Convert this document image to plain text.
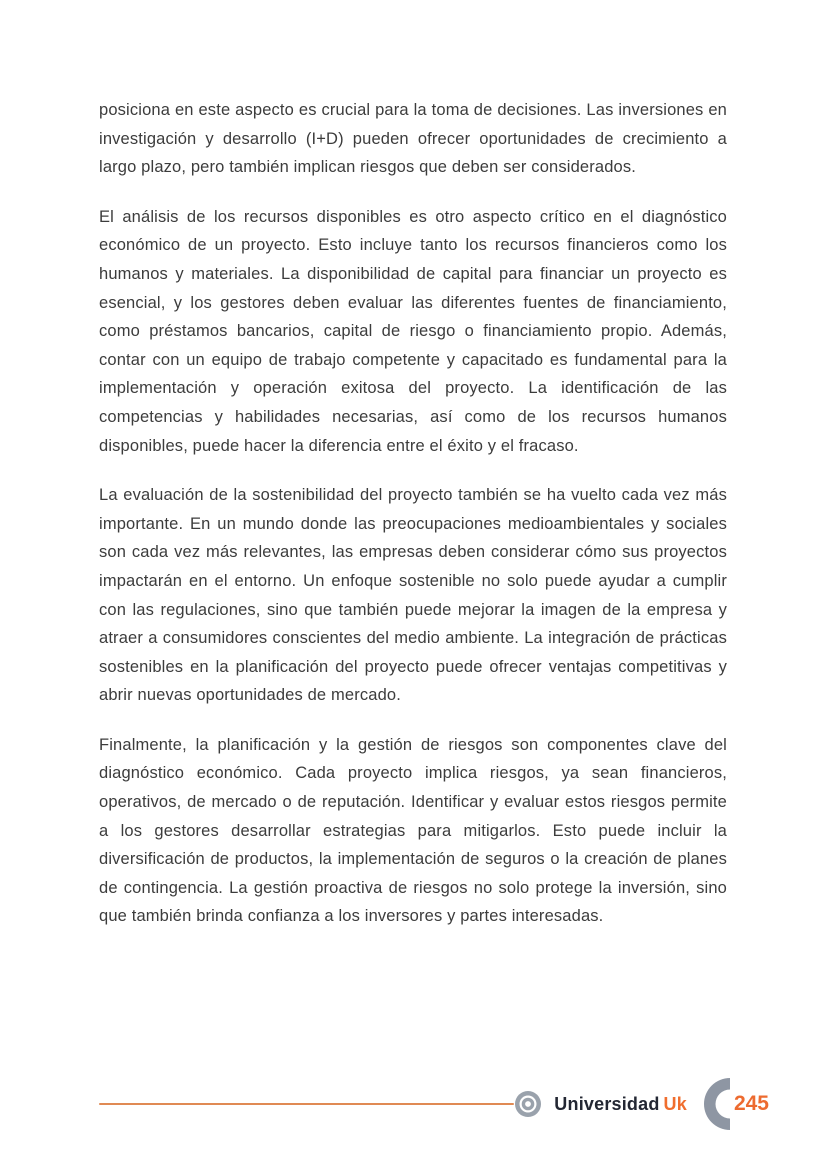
posiciona en este aspecto es crucial para la toma de decisiones. Las inversiones en investigación y desarrollo (I+D) pueden ofrecer oportunidades de crecimiento a largo plazo, pero también implican riesgos que deben ser considerados.

El análisis de los recursos disponibles es otro aspecto crítico en el diagnóstico económico de un proyecto. Esto incluye tanto los recursos financieros como los humanos y materiales. La disponibilidad de capital para financiar un proyecto es esencial, y los gestores deben evaluar las diferentes fuentes de financiamiento, como préstamos bancarios, capital de riesgo o financiamiento propio. Además, contar con un equipo de trabajo competente y capacitado es fundamental para la implementación y operación exitosa del proyecto. La identificación de las competencias y habilidades necesarias, así como de los recursos humanos disponibles, puede hacer la diferencia entre el éxito y el fracaso.

La evaluación de la sostenibilidad del proyecto también se ha vuelto cada vez más importante. En un mundo donde las preocupaciones medioambientales y sociales son cada vez más relevantes, las empresas deben considerar cómo sus proyectos impactarán en el entorno. Un enfoque sostenible no solo puede ayudar a cumplir con las regulaciones, sino que también puede mejorar la imagen de la empresa y atraer a consumidores conscientes del medio ambiente. La integración de prácticas sostenibles en la planificación del proyecto puede ofrecer ventajas competitivas y abrir nuevas oportunidades de mercado.

Finalmente, la planificación y la gestión de riesgos son componentes clave del diagnóstico económico. Cada proyecto implica riesgos, ya sean financieros, operativos, de mercado o de reputación. Identificar y evaluar estos riesgos permite a los gestores desarrollar estrategias para mitigarlos. Esto puede incluir la diversificación de productos, la implementación de seguros o la creación de planes de contingencia. La gestión proactiva de riesgos no solo protege la inversión, sino que también brinda confianza a los inversores y partes interesadas.

Universidad Uk 245
